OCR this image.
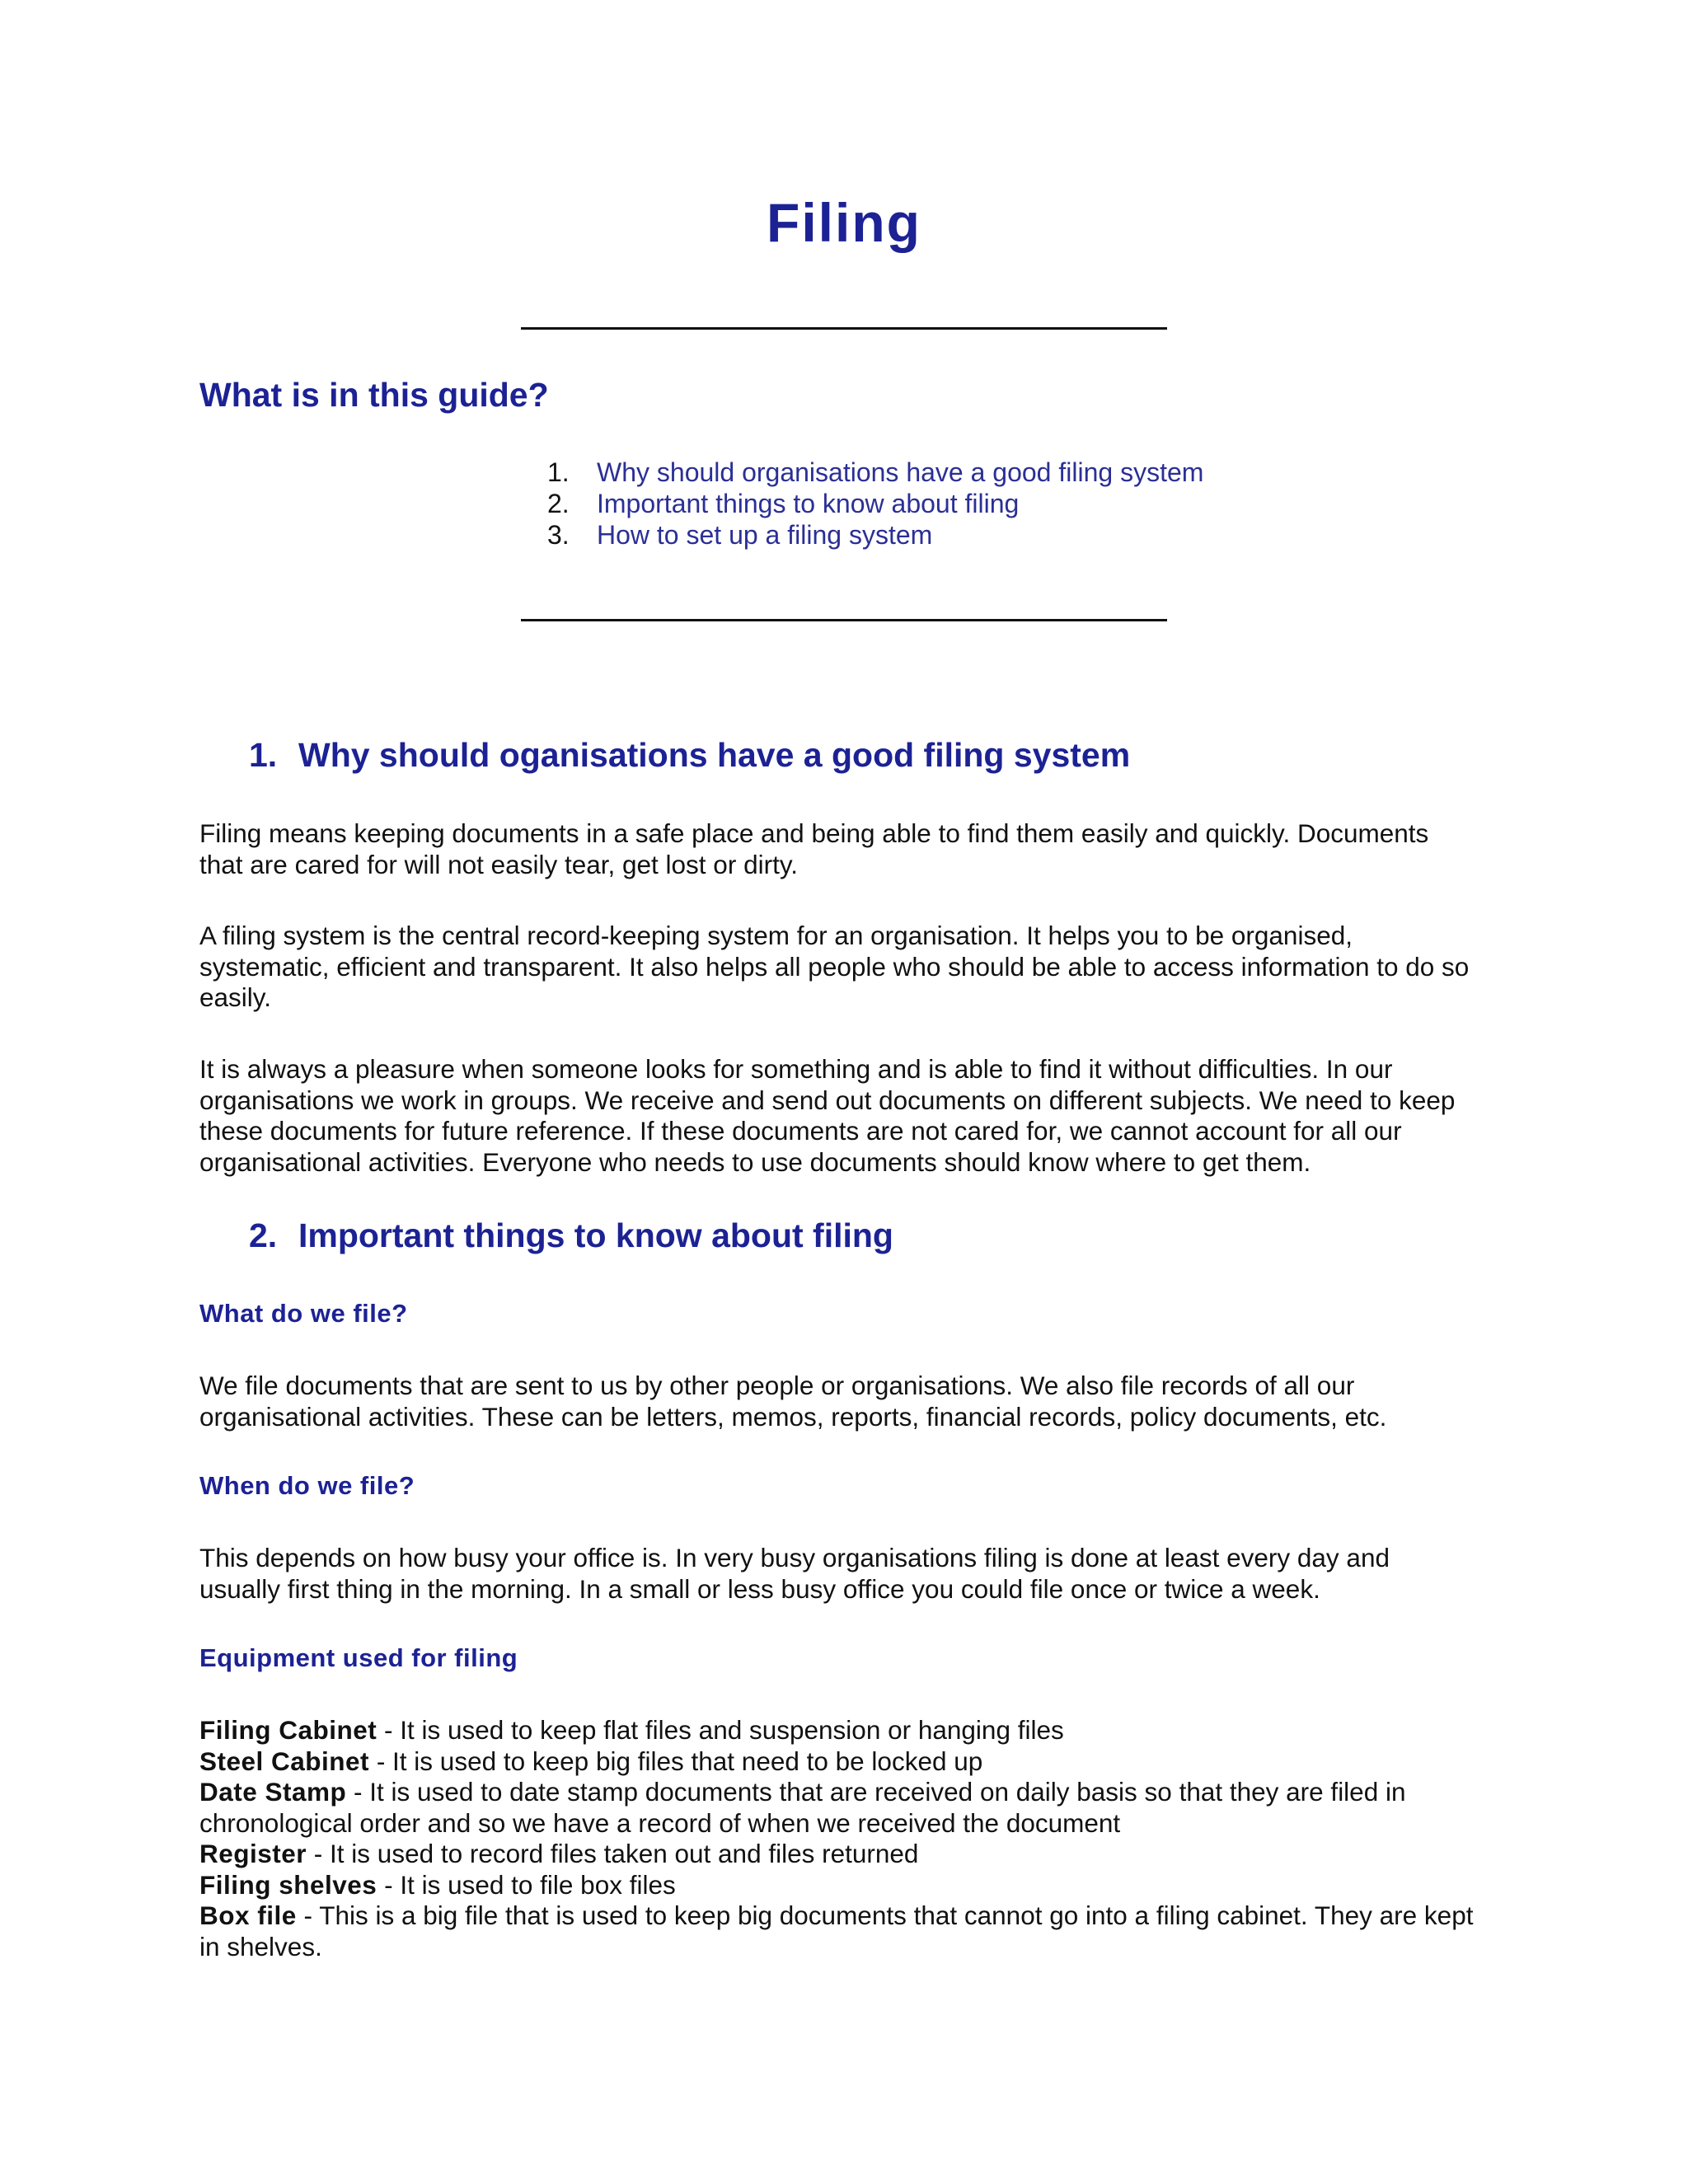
Filing
What is in this guide?
1.	Why should organisations have a good filing system
2.	Important things to know about filing
3.	How to set up a filing system
1. Why should oganisations have a good filing system
Filing means keeping documents in a safe place and being able to find them easily and quickly. Documents that are cared for will not easily tear, get lost or dirty.
A filing system is the central record-keeping system for an organisation. It helps you to be organised, systematic, efficient and transparent. It also helps all people who should be able to access information to do so easily.
It is always a pleasure when someone looks for something and is able to find it without difficulties. In our organisations we work in groups. We receive and send out documents on different subjects. We need to keep these documents for future reference. If these documents are not cared for, we cannot account for all our organisational activities. Everyone who needs to use documents should know where to get them.
2. Important things to know about filing
What do we file?
We file documents that are sent to us by other people or organisations. We also file records of all our organisational activities. These can be letters, memos, reports, financial records, policy documents, etc.
When do we file?
This depends on how busy your office is. In very busy organisations filing is done at least every day and usually first thing in the morning. In a small or less busy office you could file once or twice a week.
Equipment used for filing
Filing Cabinet - It is used to keep flat files and suspension or hanging files
Steel Cabinet - It is used to keep big files that need to be locked up
Date Stamp - It is used to date stamp documents that are received on daily basis so that they are filed in chronological order and so we have a record of when we received the document
Register - It is used to record files taken out and files returned
Filing shelves - It is used to file box files
Box file - This is a big file that is used to keep big documents that cannot go into a filing cabinet. They are kept in shelves.
